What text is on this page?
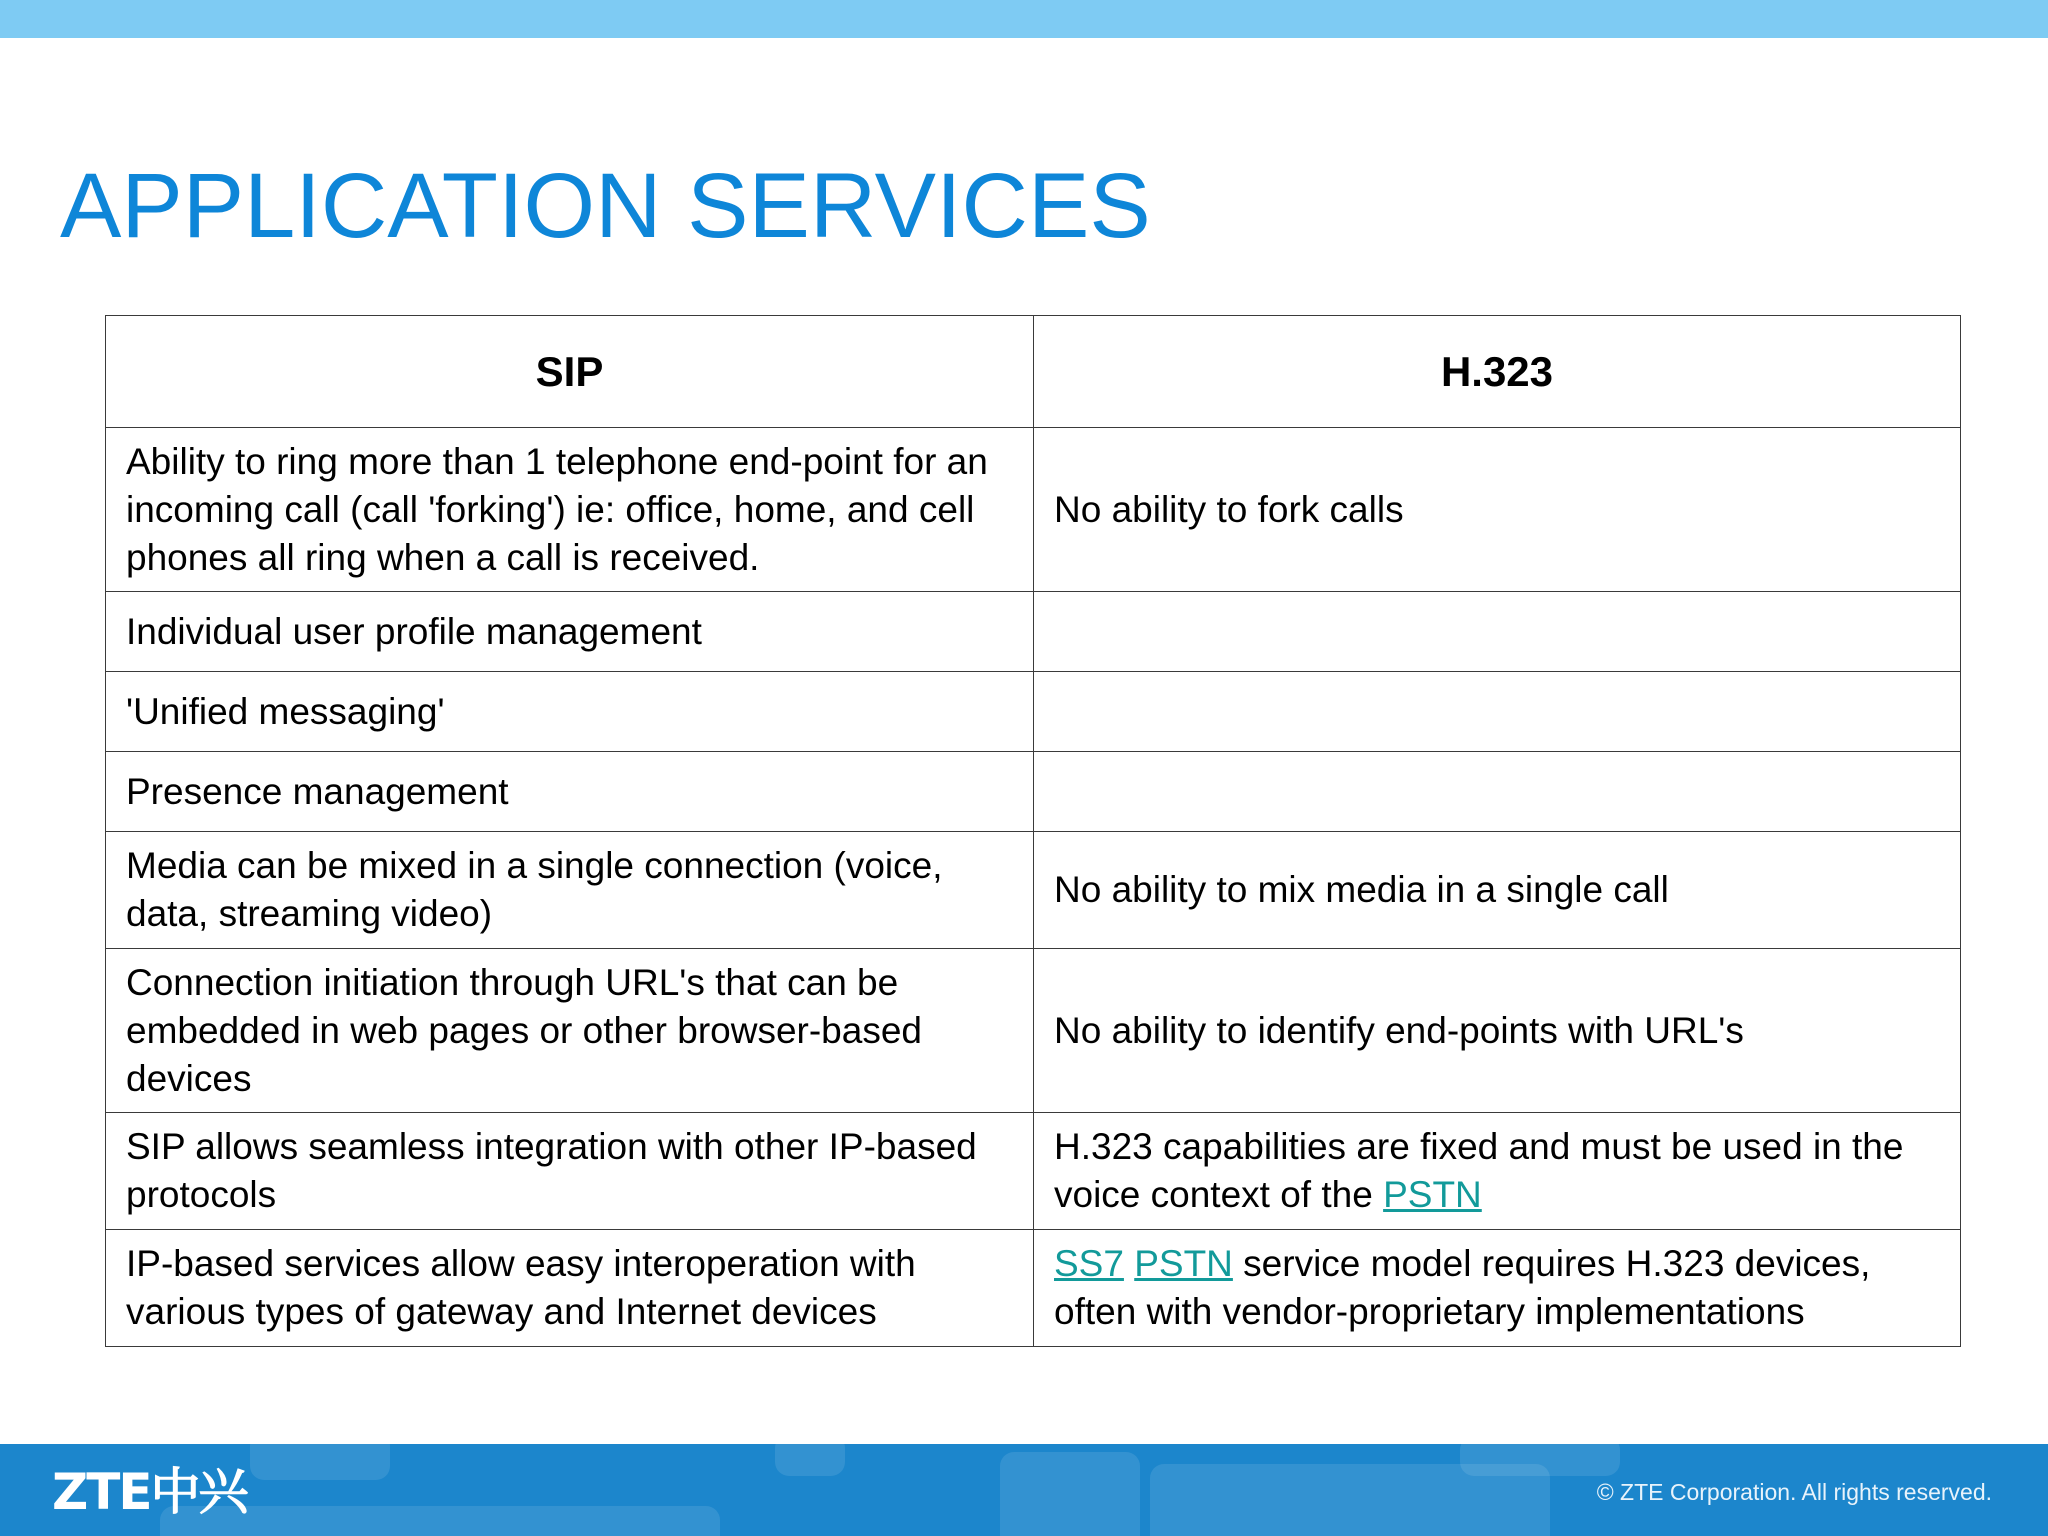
APPLICATION SERVICES
SIP	H.323
Ability to ring more than 1 telephone end-point for an incoming call (call 'forking') ie: office, home, and cell phones all ring when a call is received.	No ability to fork calls
Individual user profile management	
'Unified messaging'	
Presence management	
Media can be mixed in a single connection (voice, data, streaming video)	No ability to mix media in a single call
Connection initiation through URL's that can be embedded in web pages or other browser-based devices	No ability to identify end-points with URL's
SIP allows seamless integration with other IP-based protocols	H.323 capabilities are fixed and must be used in the voice context of the PSTN
IP-based services allow easy interoperation with various types of gateway and Internet devices	SS7 PSTN service model requires H.323 devices, often with vendor-proprietary implementations
ZTE中兴	© ZTE Corporation. All rights reserved.
